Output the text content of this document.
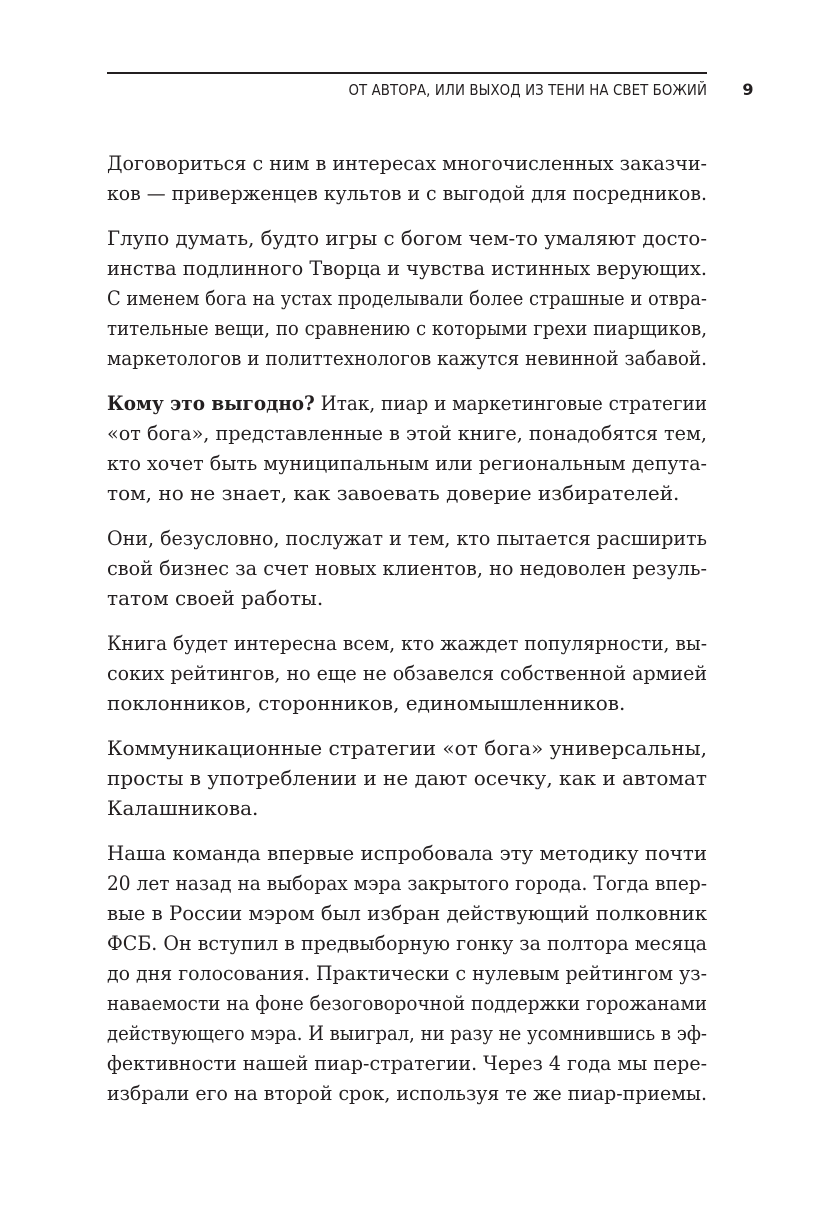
ОТ АВТОРА, ИЛИ ВЫХОД ИЗ ТЕНИ НА СВЕТ БОЖИЙ	9
Договориться с ним в интересах многочисленных заказчи-
ков — приверженцев культов и с выгодой для посредников.
Глупо думать, будто игры с богом чем-то умаляют досто-
инства подлинного Творца и чувства истинных верующих.
С именем бога на устах проделывали более страшные и отвра-
тительные вещи, по сравнению с которыми грехи пиарщиков,
маркетологов и политтехнологов кажутся невинной забавой.
Кому это выгодно? Итак, пиар и маркетинговые стратегии
«от бога», представленные в этой книге, понадобятся тем,
кто хочет быть муниципальным или региональным депута-
том, но не знает, как завоевать доверие избирателей.
Они, безусловно, послужат и тем, кто пытается расширить
свой бизнес за счет новых клиентов, но недоволен резуль-
татом своей работы.
Книга будет интересна всем, кто жаждет популярности, вы-
соких рейтингов, но еще не обзавелся собственной армией
поклонников, сторонников, единомышленников.
Коммуникационные стратегии «от бога» универсальны,
просты в употреблении и не дают осечку, как и автомат
Калашникова.
Наша команда впервые испробовала эту методику почти
20 лет назад на выборах мэра закрытого города. Тогда впер-
вые в России мэром был избран действующий полковник
ФСБ. Он вступил в предвыборную гонку за полтора месяца
до дня голосования. Практически с нулевым рейтингом уз-
наваемости на фоне безоговорочной поддержки горожанами
действующего мэра. И выиграл, ни разу не усомнившись в эф-
фективности нашей пиар-стратегии. Через 4 года мы пере-
избрали его на второй срок, используя те же пиар-приемы.
